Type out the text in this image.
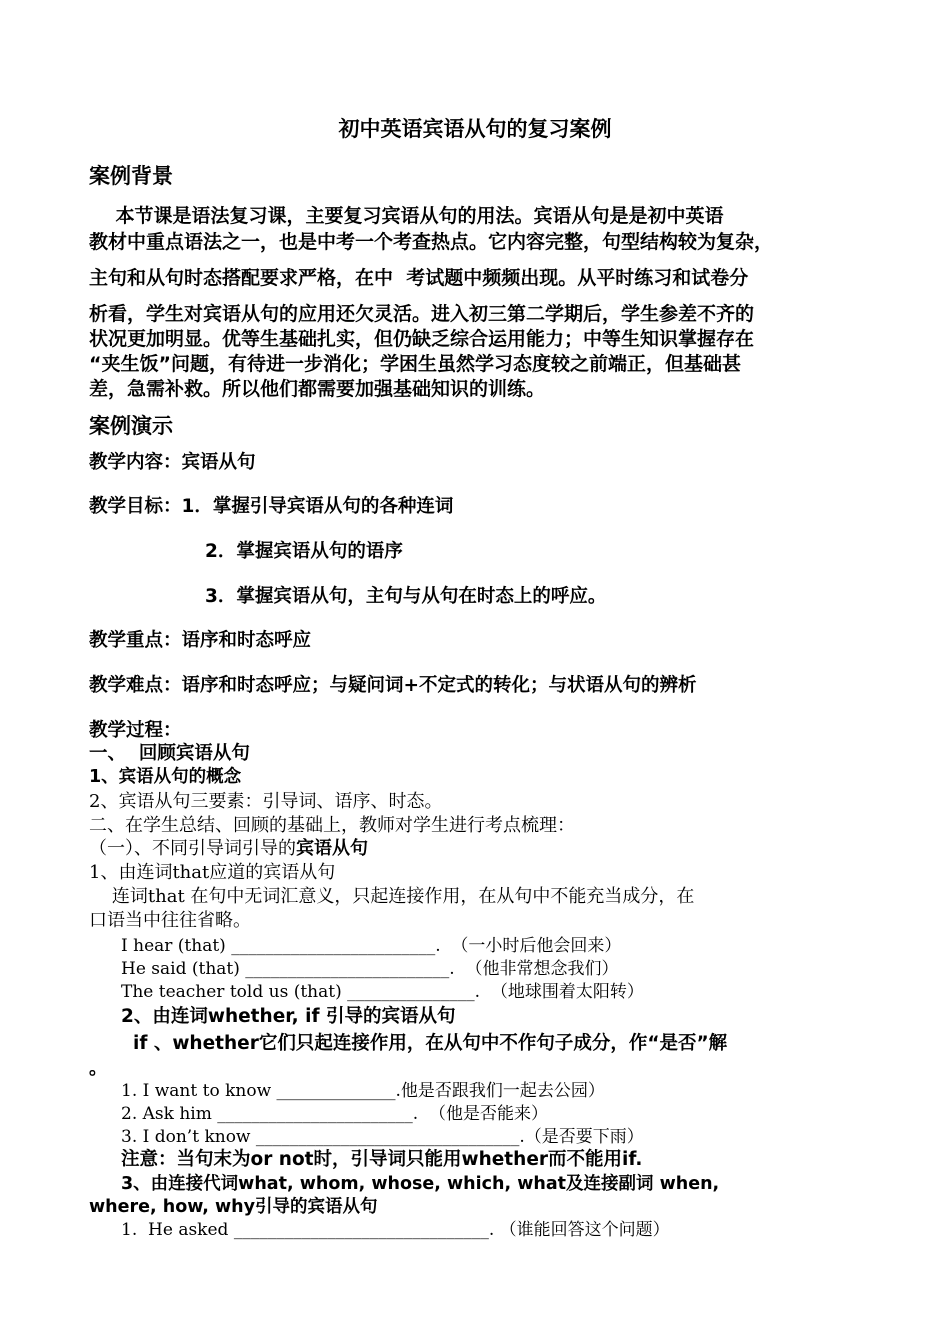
初中英语宾语从句的复习案例
案例背景
本节课是语法复习课，主要复习宾语从句的用法。宾语从句是是初中英语
教材中重点语法之一，也是中考一个考查热点。它内容完整，句型结构较为复杂，
主句和从句时态搭配要求严格，在中  考试题中频频出现。从平时练习和试卷分
析看，学生对宾语从句的应用还欠灵活。进入初三第二学期后，学生参差不齐的
状况更加明显。优等生基础扎实，但仍缺乏综合运用能力；中等生知识掌握存在
“夹生饭”问题，有待进一步消化；学困生虽然学习态度较之前端正，但基础甚
差，急需补救。所以他们都需要加强基础知识的训练。
案例演示
教学内容：宾语从句
教学目标：1．掌握引导宾语从句的各种连词
2．掌握宾语从句的语序
3．掌握宾语从句，主句与从句在时态上的呼应。
教学重点：语序和时态呼应
教学难点：语序和时态呼应；与疑问词+不定式的转化；与状语从句的辨析
教学过程：
一、  回顾宾语从句
1、宾语从句的概念
2、宾语从句三要素：引导词、语序、时态。
二、在学生总结、回顾的基础上，教师对学生进行考点梳理：
（一）、不同引导词引导的宾语从句
1、由连词that应道的宾语从句
连词that 在句中无词汇意义，只起连接作用，在从句中不能充当成分，在
口语当中往往省略。
I hear (that) ________________________.  （一小时后他会回来）
He said (that) ________________________.  （他非常想念我们）
The teacher told us (that) _______________.  （地球围着太阳转）
2、由连词whether, if 引导的宾语从句
if 、whether它们只起连接作用，在从句中不作句子成分，作“是否”解
。
1. I want to know ______________.他是否跟我们一起去公园）
2. Ask him _______________________.  （他是否能来）
3. I don’t know _______________________________.（是否要下雨）
注意：当句末为or not时，引导词只能用whether而不能用if.
3、由连接代词what, whom, whose, which, what及连接副词 when,
where, how, why引导的宾语从句
1.  He asked ______________________________. （谁能回答这个问题）
